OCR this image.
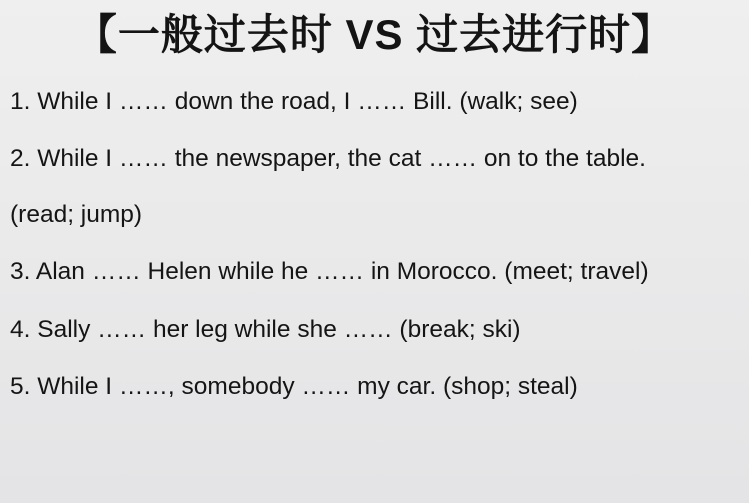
【一般过去时 VS 过去进行时】
1. While I …… down the road, I …… Bill. (walk; see)
2. While I …… the newspaper, the cat …… on to the table.
(read; jump)
3. Alan …… Helen while he …… in Morocco. (meet; travel)
4. Sally …… her leg while she …… (break; ski)
5. While I ……, somebody …… my car. (shop; steal)
